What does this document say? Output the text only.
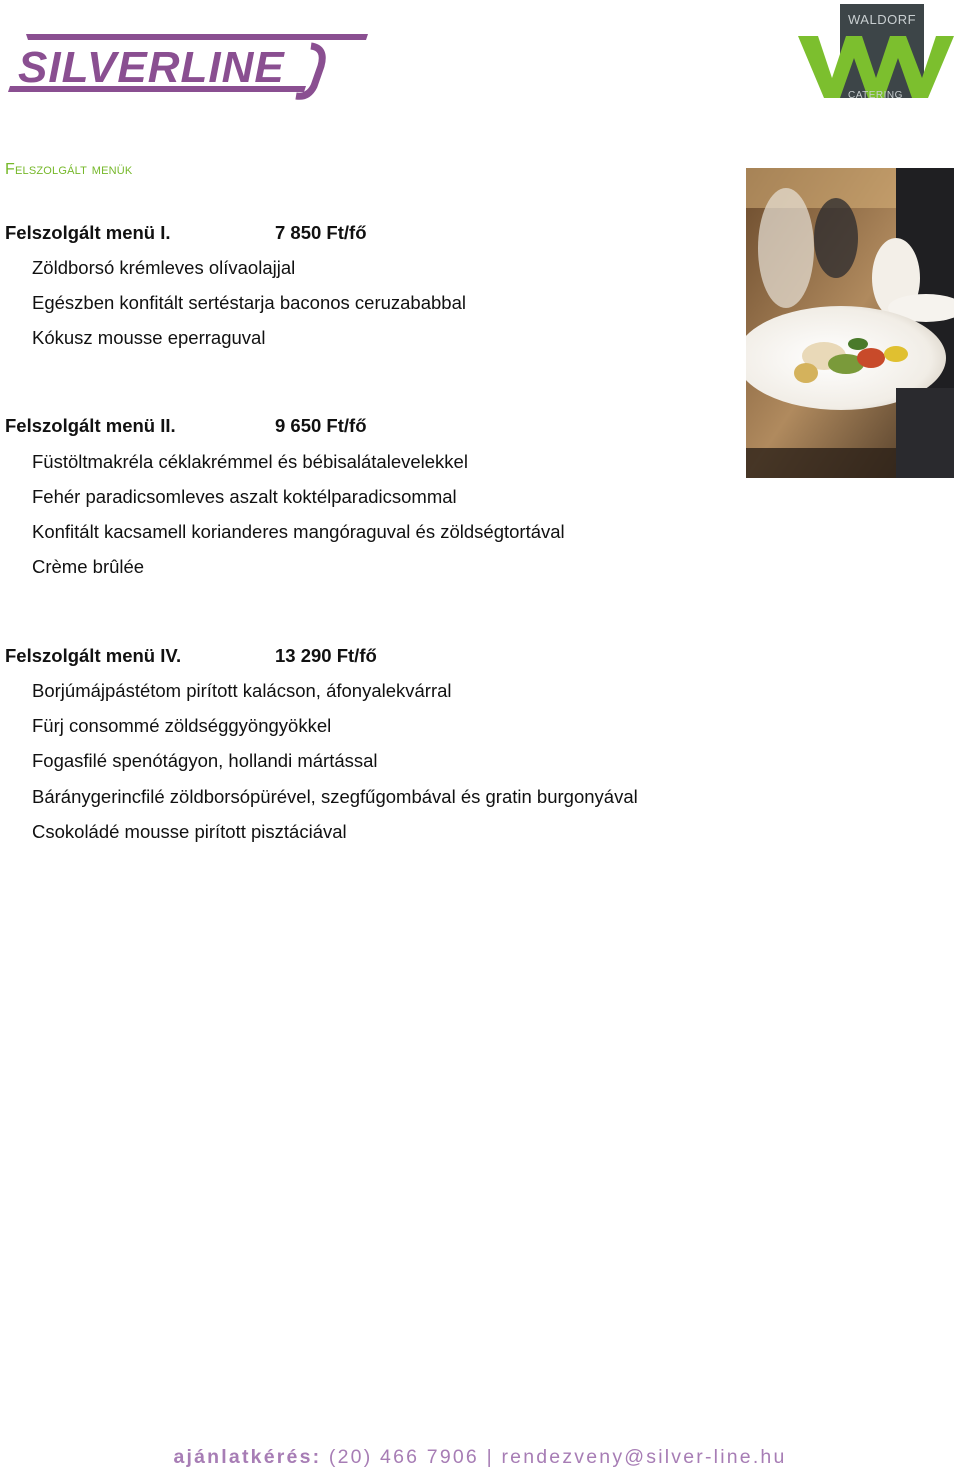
SILVERLINE
WALDORF
CATERING
Felszolgált menük
Felszolgált menü I.	7 850 Ft/fő
Zöldborsó krémleves olívaolajjal
Egészben konfitált sertéstarja baconos ceruzababbal
Kókusz mousse eperraguval
Felszolgált menü II.	9 650 Ft/fő
Füstöltmakréla céklakrémmel és bébisalátalevelekkel
Fehér paradicsomleves aszalt koktélparadicsommal
Konfitált kacsamell korianderes mangóraguval és zöldségtortával
Crème brûlée
Felszolgált menü IV.	13 290 Ft/fő
Borjúmájpástétom pirított kalácson, áfonyalekvárral
Fürj consommé zöldséggyöngyökkel
Fogasfilé spenótágyon, hollandi mártással
Báránygerincfilé zöldborsópürével, szegfűgombával és gratin burgonyával
Csokoládé mousse pirított pisztáciával
ajánlatkérés: (20) 466 7906 | rendezveny@silver-line.hu
